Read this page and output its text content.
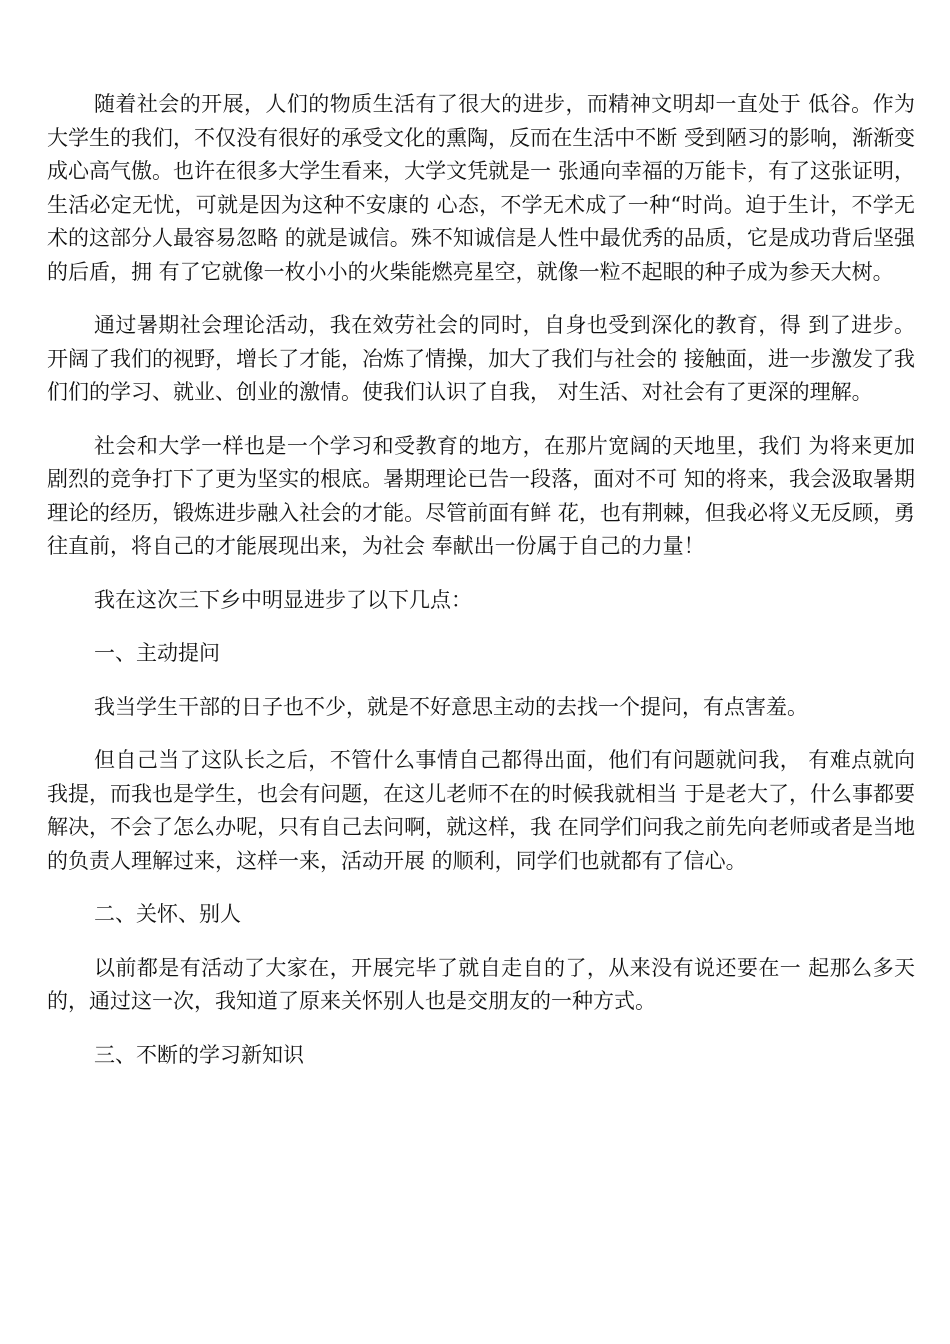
随着社会的开展，人们的物质生活有了很大的进步，而精神文明却一直处于 低谷。作为大学生的我们，不仅没有很好的承受文化的熏陶，反而在生活中不断 受到陋习的影响，渐渐变成心高气傲。也许在很多大学生看来，大学文凭就是一 张通向幸福的万能卡，有了这张证明，生活必定无忧，可就是因为这种不安康的 心态，不学无术成了一种“时尚。迫于生计，不学无术的这部分人最容易忽略 的就是诚信。殊不知诚信是人性中最优秀的品质，它是成功背后坚强的后盾，拥 有了它就像一枚小小的火柴能燃亮星空，就像一粒不起眼的种子成为参天大树。

通过暑期社会理论活动，我在效劳社会的同时，自身也受到深化的教育，得 到了进步。开阔了我们的视野，增长了才能，冶炼了情操，加大了我们与社会的 接触面，进一步激发了我们们的学习、就业、创业的激情。使我们认识了自我， 对生活、对社会有了更深的理解。

社会和大学一样也是一个学习和受教育的地方，在那片宽阔的天地里，我们 为将来更加剧烈的竞争打下了更为坚实的根底。暑期理论已告一段落，面对不可 知的将来，我会汲取暑期理论的经历，锻炼进步融入社会的才能。尽管前面有鲜 花，也有荆棘，但我必将义无反顾，勇往直前，将自己的才能展现出来，为社会 奉献出一份属于自己的力量！

我在这次三下乡中明显进步了以下几点：

一、主动提问

我当学生干部的日子也不少，就是不好意思主动的去找一个提问，有点害羞。

但自己当了这队长之后，不管什么事情自己都得出面，他们有问题就问我， 有难点就向我提，而我也是学生，也会有问题，在这儿老师不在的时候我就相当 于是老大了，什么事都要解决，不会了怎么办呢，只有自己去问啊，就这样，我 在同学们问我之前先向老师或者是当地的负责人理解过来，这样一来，活动开展 的顺利，同学们也就都有了信心。

二、关怀、别人

以前都是有活动了大家在，开展完毕了就自走自的了，从来没有说还要在一 起那么多天的，通过这一次，我知道了原来关怀别人也是交朋友的一种方式。

三、不断的学习新知识
